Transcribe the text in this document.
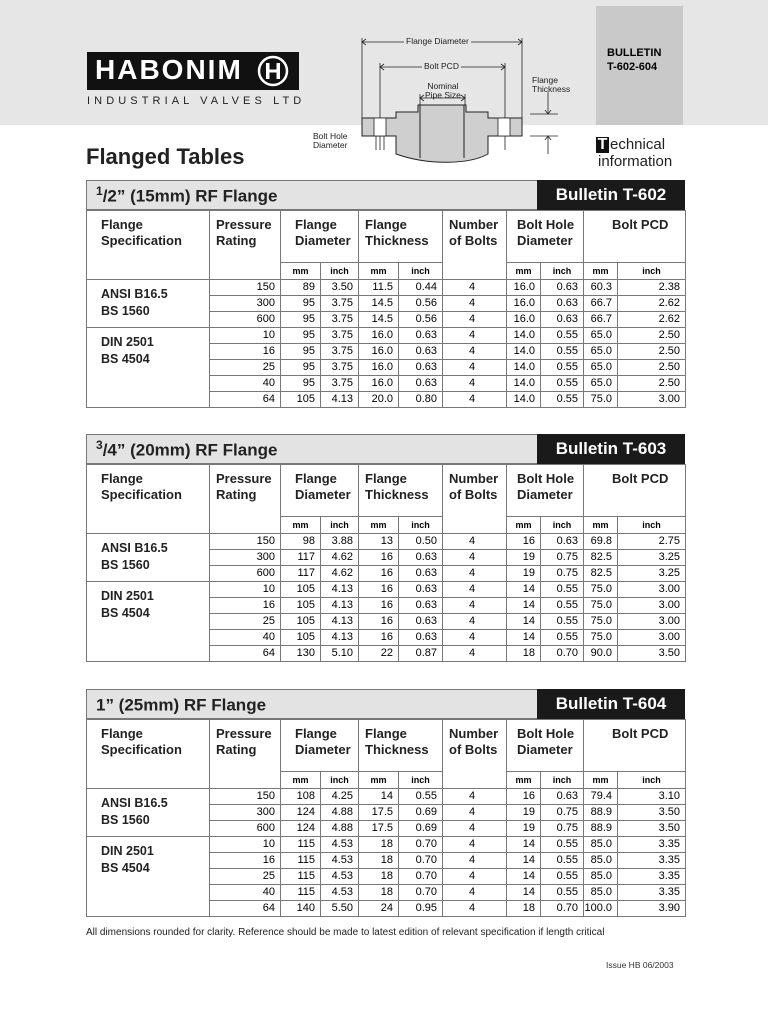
BULLETIN
T-602-604
HABONIM
INDUSTRIAL VALVES LTD
Flange Diameter
Bolt PCD
Nominal
Pipe Size
Flange
Thickness
Bolt Hole
Diameter
Flanged Tables	T echnical
information
$^1$/2” (15mm) RF Flange	Bulletin T-602
Flange
Specification	Pressure
Rating	Flange
Diameter		Flange
Thickness		Number
of Bolts	Bolt Hole
Diameter		Bolt PCD	
		mm	inch	mm	inch		mm	inch	mm	inch
ANSI B16.5
BS 1560	150	89	3.50	11.5	0.44	4	16.0	0.63	60.3	2.38
	300	95	3.75	14.5	0.56	4	16.0	0.63	66.7	2.62
	600	95	3.75	14.5	0.56	4	16.0	0.63	66.7	2.62
DIN 2501
BS 4504	10	95	3.75	16.0	0.63	4	14.0	0.55	65.0	2.50
	16	95	3.75	16.0	0.63	4	14.0	0.55	65.0	2.50
	25	95	3.75	16.0	0.63	4	14.0	0.55	65.0	2.50
	40	95	3.75	16.0	0.63	4	14.0	0.55	65.0	2.50
	64	105	4.13	20.0	0.80	4	14.0	0.55	75.0	3.00
$^3$/4” (20mm) RF Flange	Bulletin T-603
Flange
Specification	Pressure
Rating	Flange
Diameter		Flange
Thickness		Number
of Bolts	Bolt Hole
Diameter		Bolt PCD	
		mm	inch	mm	inch		mm	inch	mm	inch
ANSI B16.5
BS 1560	150	98	3.88	13	0.50	4	16	0.63	69.8	2.75
	300	117	4.62	16	0.63	4	19	0.75	82.5	3.25
	600	117	4.62	16	0.63	4	19	0.75	82.5	3.25
DIN 2501
BS 4504	10	105	4.13	16	0.63	4	14	0.55	75.0	3.00
	16	105	4.13	16	0.63	4	14	0.55	75.0	3.00
	25	105	4.13	16	0.63	4	14	0.55	75.0	3.00
	40	105	4.13	16	0.63	4	14	0.55	75.0	3.00
	64	130	5.10	22	0.87	4	18	0.70	90.0	3.50
1” (25mm) RF Flange	Bulletin T-604
Flange
Specification	Pressure
Rating	Flange
Diameter		Flange
Thickness		Number
of Bolts	Bolt Hole
Diameter		Bolt PCD	
		mm	inch	mm	inch		mm	inch	mm	inch
ANSI B16.5
BS 1560	150	108	4.25	14	0.55	4	16	0.63	79.4	3.10
	300	124	4.88	17.5	0.69	4	19	0.75	88.9	3.50
	600	124	4.88	17.5	0.69	4	19	0.75	88.9	3.50
DIN 2501
BS 4504	10	115	4.53	18	0.70	4	14	0.55	85.0	3.35
	16	115	4.53	18	0.70	4	14	0.55	85.0	3.35
	25	115	4.53	18	0.70	4	14	0.55	85.0	3.35
	40	115	4.53	18	0.70	4	14	0.55	85.0	3.35
	64	140	5.50	24	0.95	4	18	0.70	100.0	3.90
All dimensions rounded for clarity. Reference should be made to latest edition of relevant specification if length critical
Issue HB 06/2003
